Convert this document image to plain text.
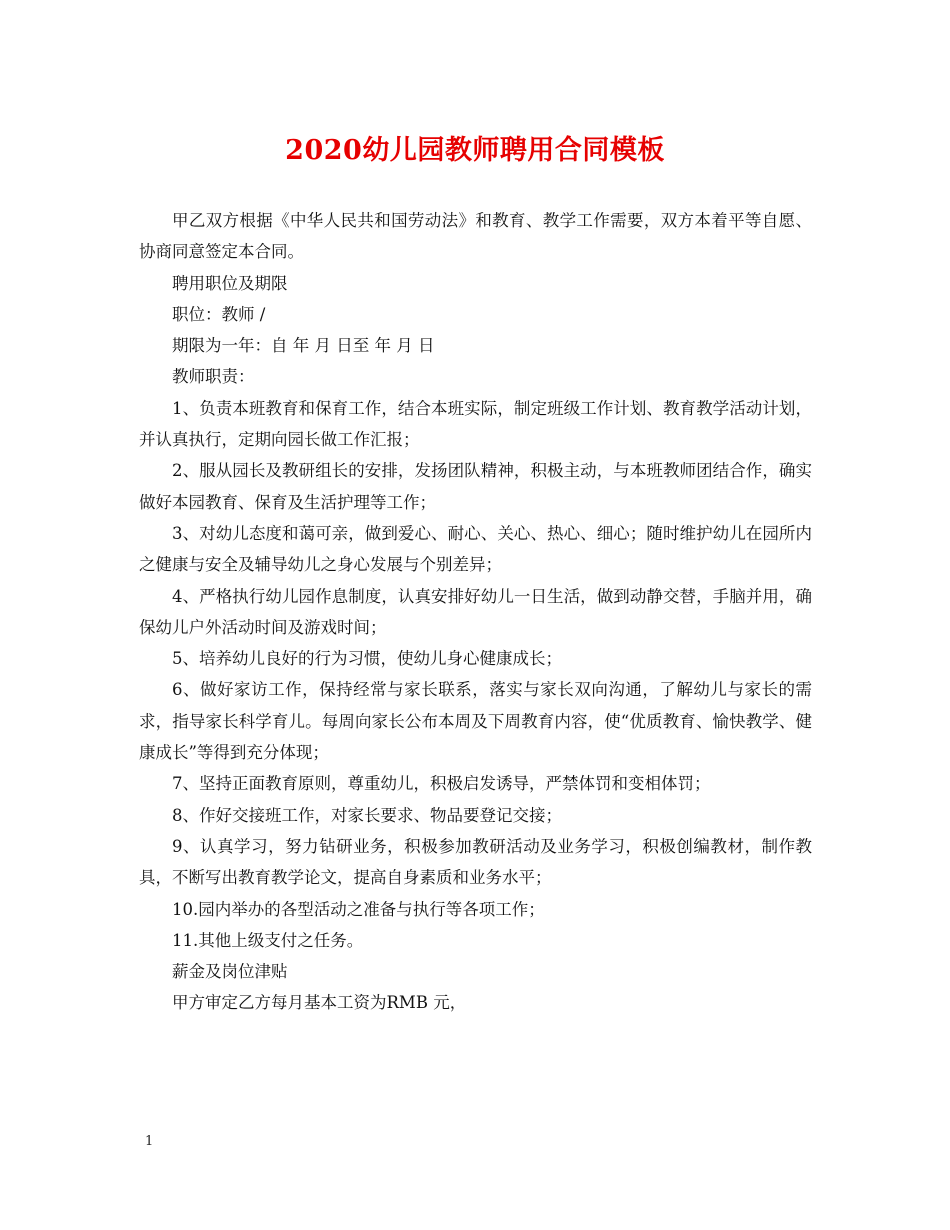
2020幼儿园教师聘用合同模板

甲乙双方根据《中华人民共和国劳动法》和教育、教学工作需要，双方本着平等自愿、协商同意签定本合同。

聘用职位及期限

职位：教师 /

期限为一年：自 年 月 日至 年 月 日

教师职责：

1、负责本班教育和保育工作，结合本班实际，制定班级工作计划、教育教学活动计划，并认真执行，定期向园长做工作汇报；

2、服从园长及教研组长的安排，发扬团队精神，积极主动，与本班教师团结合作，确实做好本园教育、保育及生活护理等工作；

3、对幼儿态度和蔼可亲，做到爱心、耐心、关心、热心、细心；随时维护幼儿在园所内之健康与安全及辅导幼儿之身心发展与个别差异；

4、严格执行幼儿园作息制度，认真安排好幼儿一日生活，做到动静交替，手脑并用，确保幼儿户外活动时间及游戏时间；

5、培养幼儿良好的行为习惯，使幼儿身心健康成长；

6、做好家访工作，保持经常与家长联系，落实与家长双向沟通，了解幼儿与家长的需求，指导家长科学育儿。每周向家长公布本周及下周教育内容，使“优质教育、愉快教学、健康成长”等得到充分体现；

7、坚持正面教育原则，尊重幼儿，积极启发诱导，严禁体罚和变相体罚；

8、作好交接班工作，对家长要求、物品要登记交接；

9、认真学习，努力钻研业务，积极参加教研活动及业务学习，积极创编教材，制作教具，不断写出教育教学论文，提高自身素质和业务水平；

10.园内举办的各型活动之准备与执行等各项工作；

11.其他上级支付之任务。

薪金及岗位津贴

甲方审定乙方每月基本工资为RMB 元，

1
